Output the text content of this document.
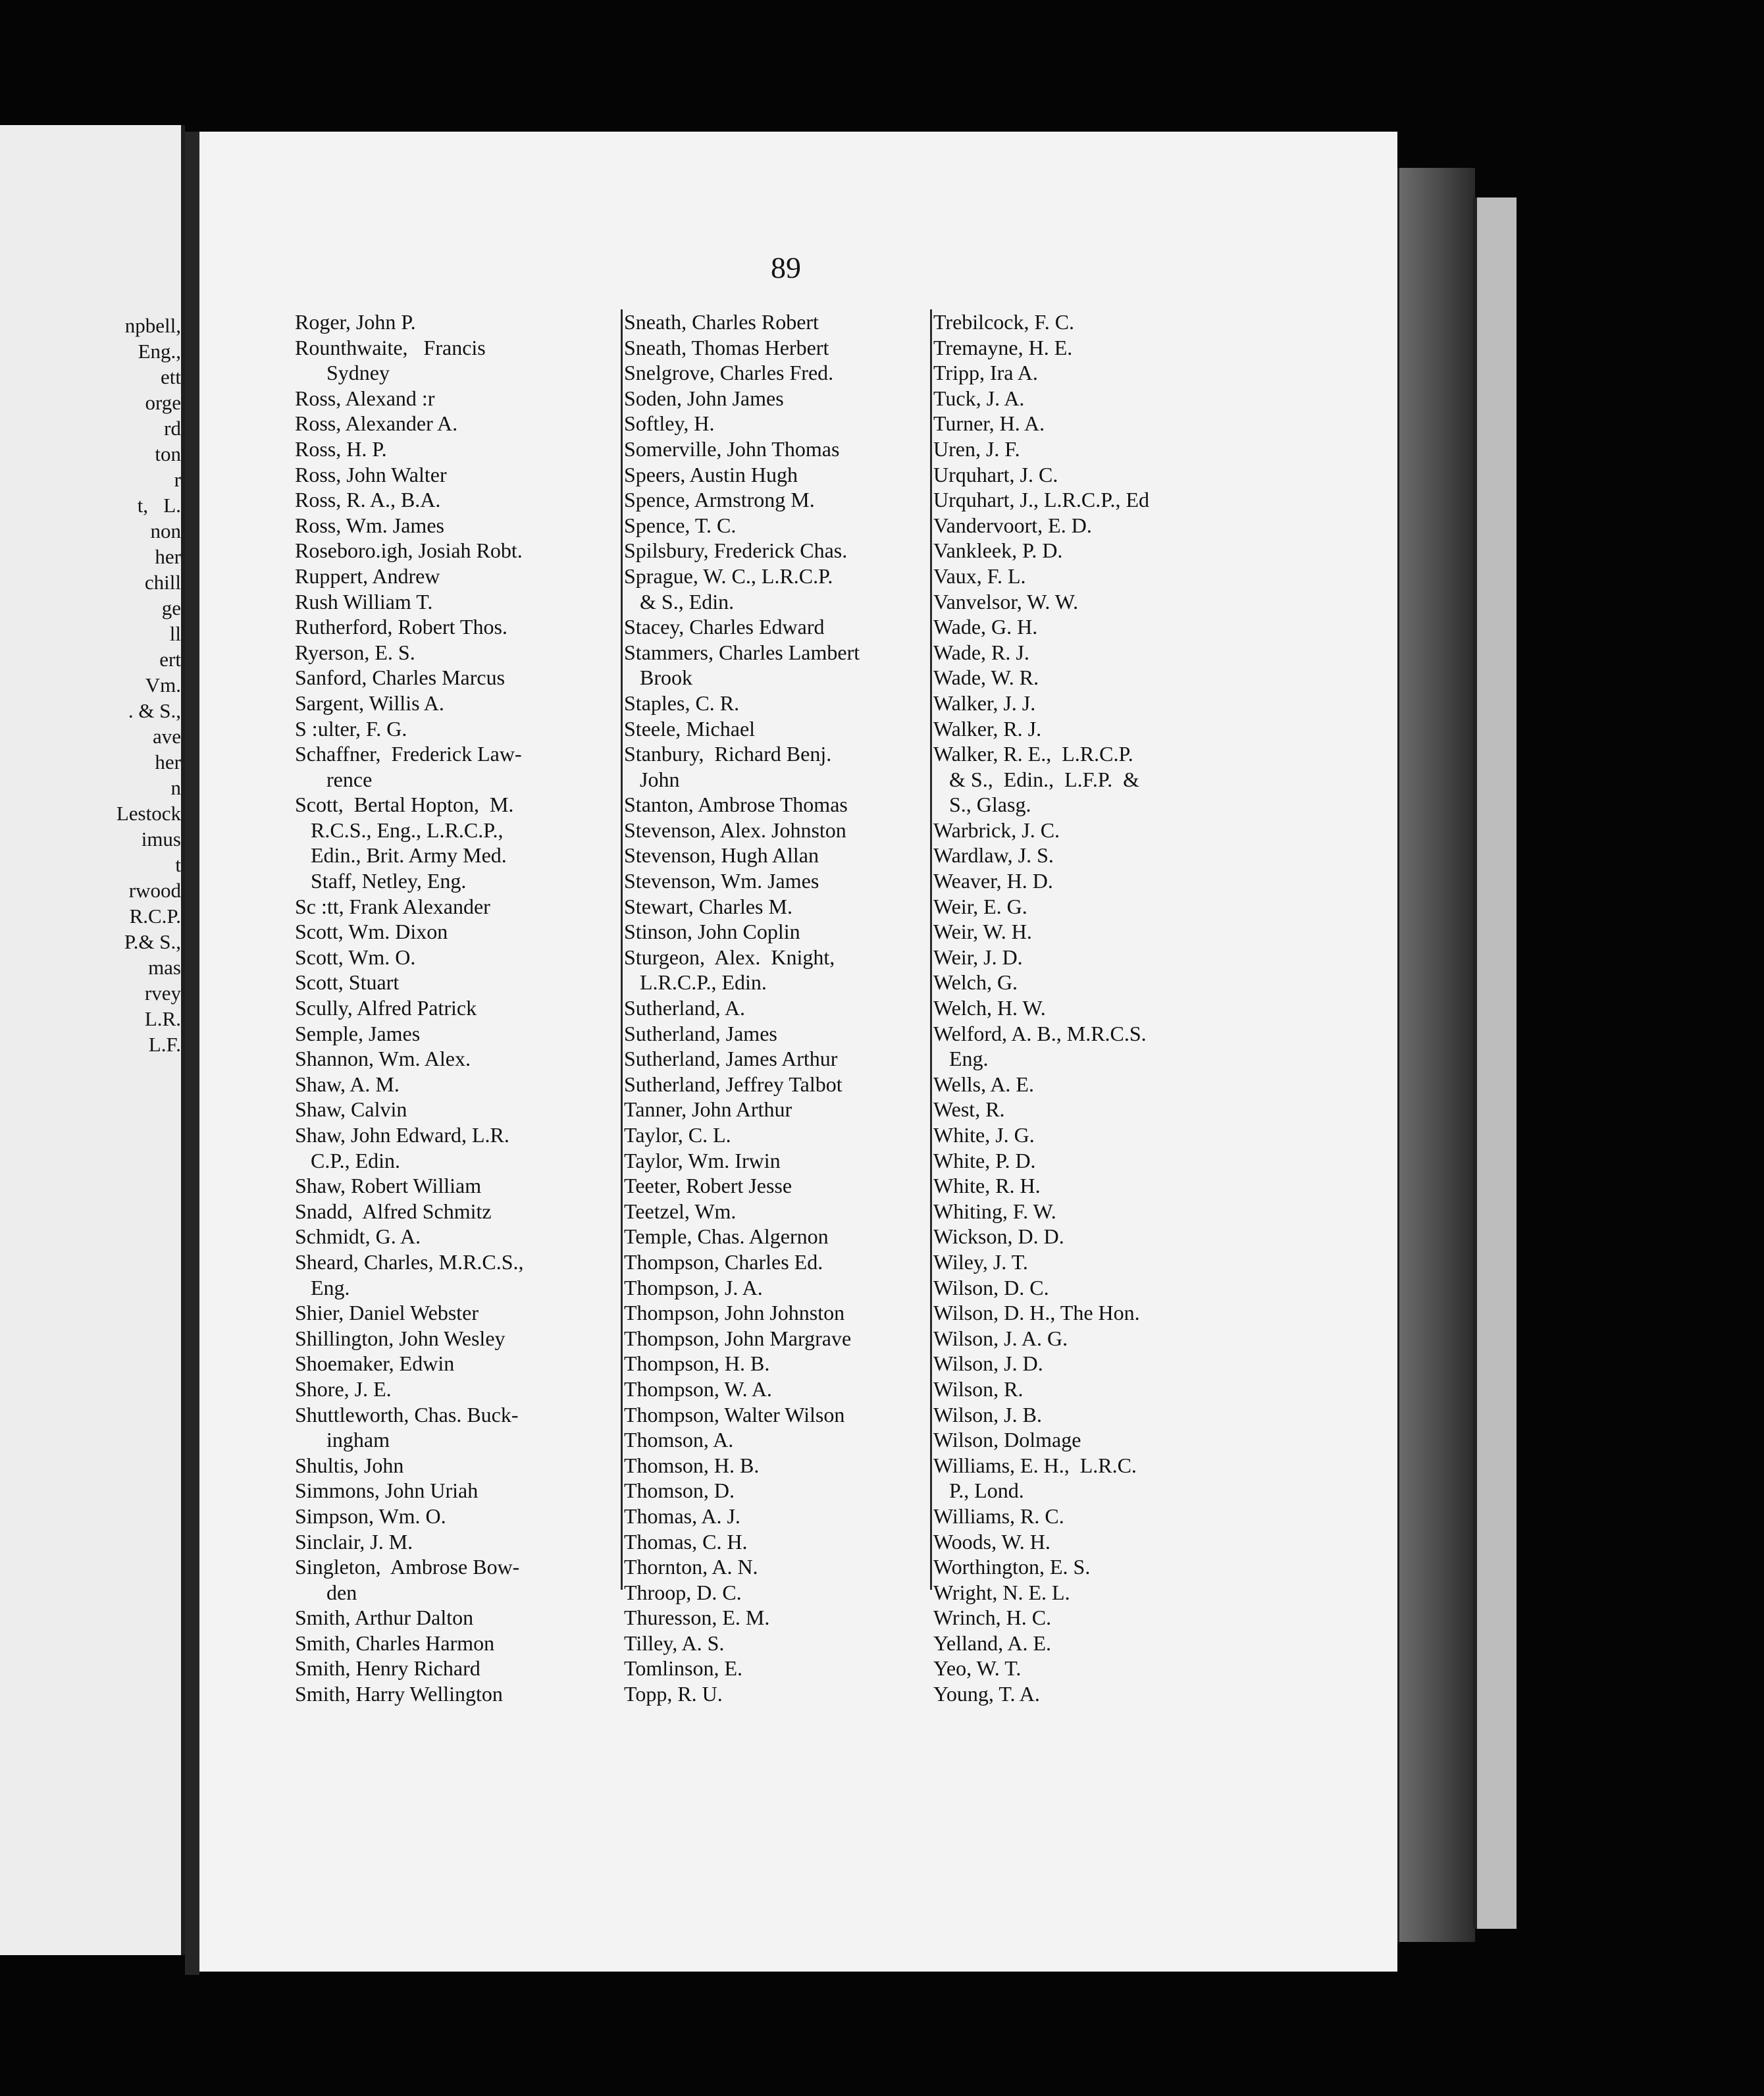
npbell,
Eng.,
ett
orge
rd
ton
r
t,   L.
non
her
chill
ge
ll
ert
Vm.
. & S.,
ave
her
n
Lestock
imus
t
rwood
R.C.P.
P.& S.,
mas
rvey
L.R.
L.F.

89

Roger, John P.
Rounthwaite,   Francis
Sydney
Ross, Alexand :r
Ross, Alexander A.
Ross, H. P.
Ross, John Walter
Ross, R. A., B.A.
Ross, Wm. James
Roseboro.igh, Josiah Robt.
Ruppert, Andrew
Rush William T.
Rutherford, Robert Thos.
Ryerson, E. S.
Sanford, Charles Marcus
Sargent, Willis A.
S :ulter, F. G.
Schaffner,  Frederick Law-
rence
Scott,  Bertal Hopton,  M.
R.C.S., Eng., L.R.C.P.,
Edin., Brit. Army Med.
Staff, Netley, Eng.
Sc :tt, Frank Alexander
Scott, Wm. Dixon
Scott, Wm. O.
Scott, Stuart
Scully, Alfred Patrick
Semple, James
Shannon, Wm. Alex.
Shaw, A. M.
Shaw, Calvin
Shaw, John Edward, L.R.
C.P., Edin.
Shaw, Robert William
Snadd,  Alfred Schmitz
Schmidt, G. A.
Sheard, Charles, M.R.C.S.,
Eng.
Shier, Daniel Webster
Shillington, John Wesley
Shoemaker, Edwin
Shore, J. E.
Shuttleworth, Chas. Buck-
ingham
Shultis, John
Simmons, John Uriah
Simpson, Wm. O.
Sinclair, J. M.
Singleton,  Ambrose Bow-
den
Smith, Arthur Dalton
Smith, Charles Harmon
Smith, Henry Richard
Smith, Harry Wellington
Sneath, Charles Robert
Sneath, Thomas Herbert
Snelgrove, Charles Fred.
Soden, John James
Softley, H.
Somerville, John Thomas
Speers, Austin Hugh
Spence, Armstrong M.
Spence, T. C.
Spilsbury, Frederick Chas.
Sprague, W. C., L.R.C.P.
& S., Edin.
Stacey, Charles Edward
Stammers, Charles Lambert
Brook
Staples, C. R.
Steele, Michael
Stanbury,  Richard Benj.
John
Stanton, Ambrose Thomas
Stevenson, Alex. Johnston
Stevenson, Hugh Allan
Stevenson, Wm. James
Stewart, Charles M.
Stinson, John Coplin
Sturgeon,  Alex.  Knight,
L.R.C.P., Edin.
Sutherland, A.
Sutherland, James
Sutherland, James Arthur
Sutherland, Jeffrey Talbot
Tanner, John Arthur
Taylor, C. L.
Taylor, Wm. Irwin
Teeter, Robert Jesse
Teetzel, Wm.
Temple, Chas. Algernon
Thompson, Charles Ed.
Thompson, J. A.
Thompson, John Johnston
Thompson, John Margrave
Thompson, H. B.
Thompson, W. A.
Thompson, Walter Wilson
Thomson, A.
Thomson, H. B.
Thomson, D.
Thomas, A. J.
Thomas, C. H.
Thornton, A. N.
Throop, D. C.
Thuresson, E. M.
Tilley, A. S.
Tomlinson, E.
Topp, R. U.
Trebilcock, F. C.
Tremayne, H. E.
Tripp, Ira A.
Tuck, J. A.
Turner, H. A.
Uren, J. F.
Urquhart, J. C.
Urquhart, J., L.R.C.P., Ed
Vandervoort, E. D.
Vankleek, P. D.
Vaux, F. L.
Vanvelsor, W. W.
Wade, G. H.
Wade, R. J.
Wade, W. R.
Walker, J. J.
Walker, R. J.
Walker, R. E.,  L.R.C.P.
& S.,  Edin.,  L.F.P.  &
S., Glasg.
Warbrick, J. C.
Wardlaw, J. S.
Weaver, H. D.
Weir, E. G.
Weir, W. H.
Weir, J. D.
Welch, G.
Welch, H. W.
Welford, A. B., M.R.C.S.
Eng.
Wells, A. E.
West, R.
White, J. G.
White, P. D.
White, R. H.
Whiting, F. W.
Wickson, D. D.
Wiley, J. T.
Wilson, D. C.
Wilson, D. H., The Hon.
Wilson, J. A. G.
Wilson, J. D.
Wilson, R.
Wilson, J. B.
Wilson, Dolmage
Williams, E. H.,  L.R.C.
P., Lond.
Williams, R. C.
Woods, W. H.
Worthington, E. S.
Wright, N. E. L.
Wrinch, H. C.
Yelland, A. E.
Yeo, W. T.
Young, T. A.
